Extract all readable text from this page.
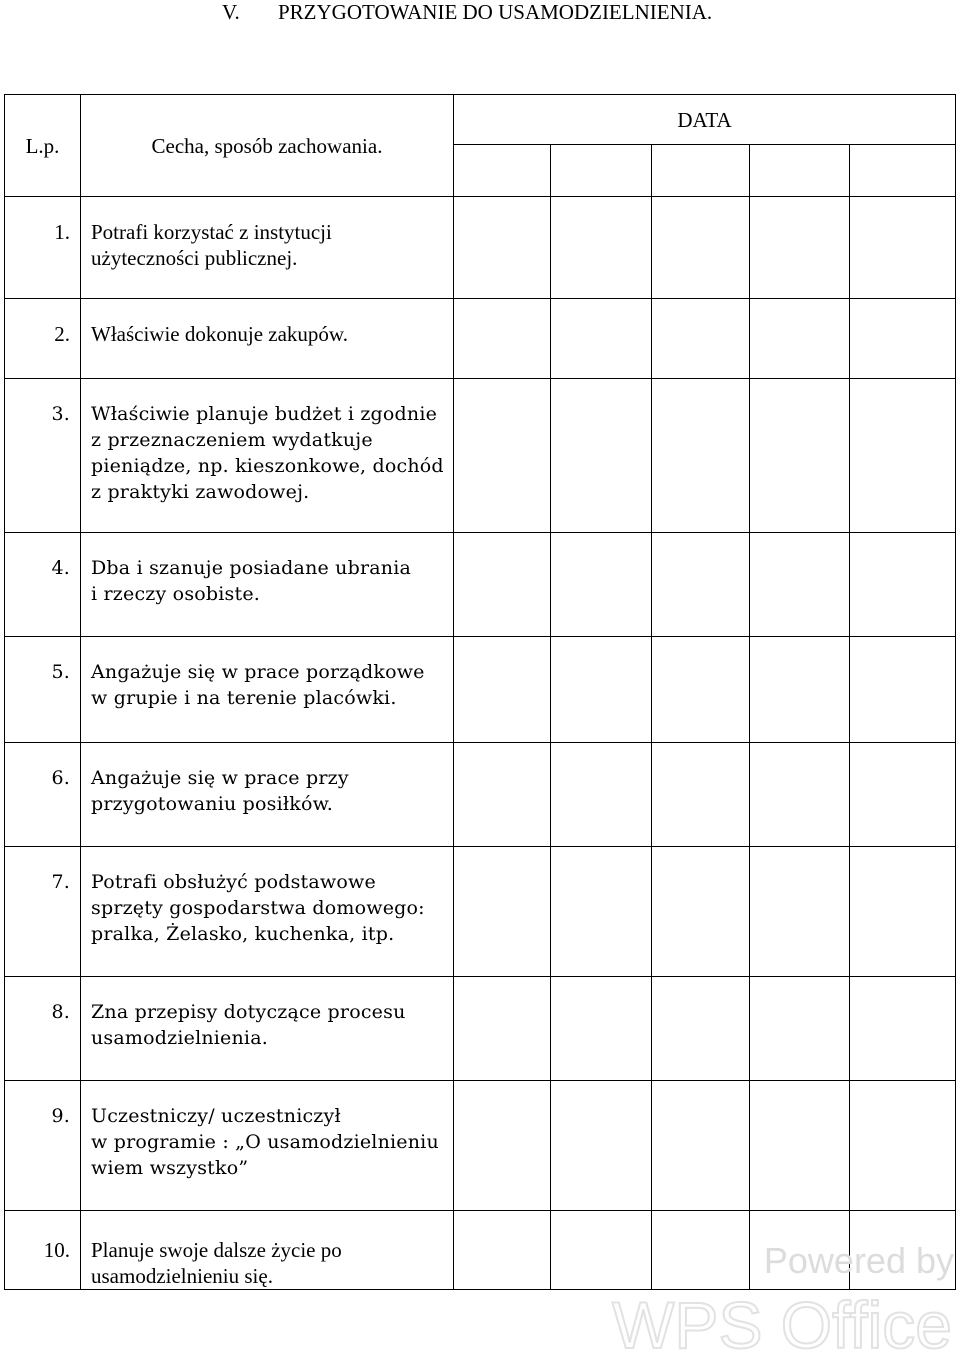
V. PRZYGOTOWANIE DO USAMODZIELNIENIA.
L.p.	Cecha, sposób zachowania.	DATA				

1.	Potrafi korzystać z instytucji
użyteczności publicznej.					

2.	Właściwie dokonuje zakupów.					

3.	Właściwie planuje budżet i zgodnie
z przeznaczeniem wydatkuje
pieniądze, np. kieszonkowe, dochód
z praktyki zawodowej.					

4.	Dba i szanuje posiadane ubrania
i rzeczy osobiste.					

5.	Angażuje się w prace porządkowe
w grupie i na terenie placówki.					

6.	Angażuje się w prace przy
przygotowaniu posiłków.					

7.	Potrafi obsłużyć podstawowe
sprzęty gospodarstwa domowego:
pralka, Żelasko, kuchenka, itp.					

8.	Zna przepisy dotyczące procesu
usamodzielnienia.					

9.	Uczestniczy/ uczestniczył
w programie : „O usamodzielnieniu
wiem wszystko”					

10.	Planuje swoje dalsze życie po
usamodzielnieniu się.					
						Powered by
WPS Office
